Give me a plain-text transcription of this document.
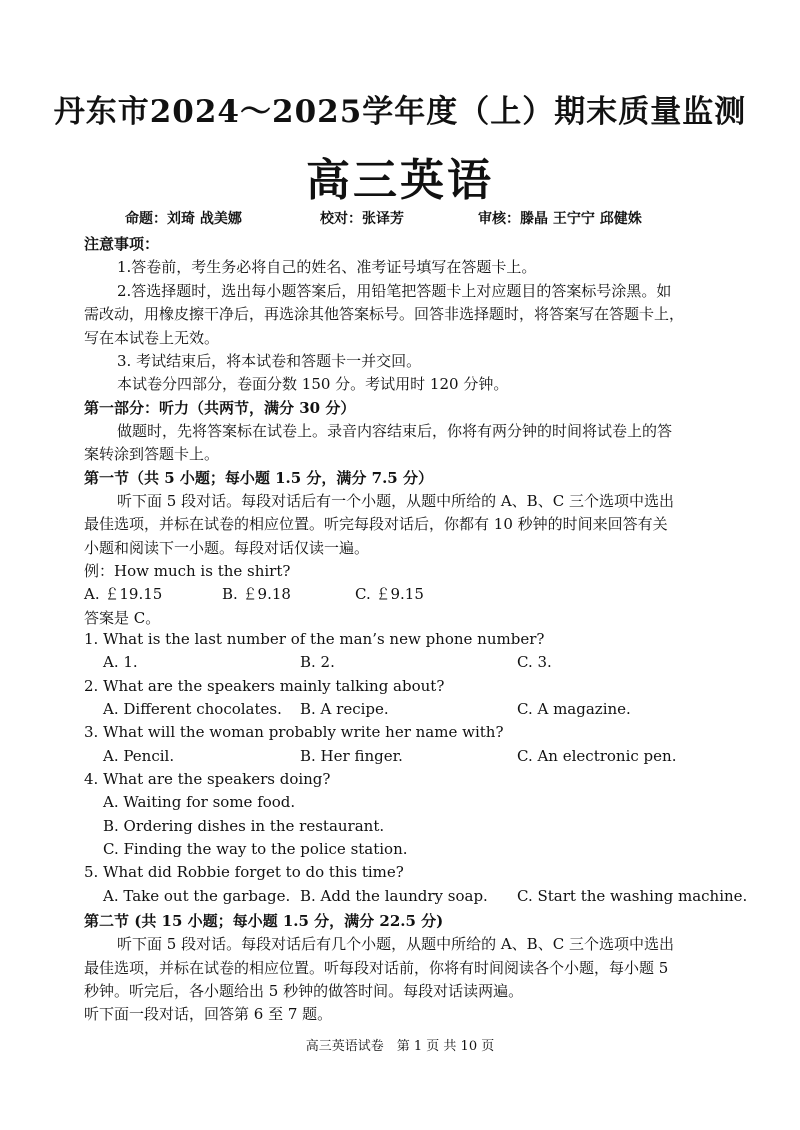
丹东市2024～2025学年度（上）期末质量监测
高三英语
命题：刘琦 战美娜	校对：张译芳	审核：滕晶 王宁宁 邱健姝
注意事项：
1.答卷前，考生务必将自己的姓名、准考证号填写在答题卡上。
2.答选择题时，选出每小题答案后，用铅笔把答题卡上对应题目的答案标号涂黑。如
需改动，用橡皮擦干净后，再选涂其他答案标号。回答非选择题时，将答案写在答题卡上，
写在本试卷上无效。
3. 考试结束后，将本试卷和答题卡一并交回。
本试卷分四部分，卷面分数 150 分。考试用时 120 分钟。
第一部分：听力（共两节，满分 30 分）
做题时，先将答案标在试卷上。录音内容结束后，你将有两分钟的时间将试卷上的答
案转涂到答题卡上。
第一节（共 5 小题；每小题 1.5 分，满分 7.5 分）
听下面 5 段对话。每段对话后有一个小题，从题中所给的 A、B、C 三个选项中选出
最佳选项，并标在试卷的相应位置。听完每段对话后，你都有 10 秒钟的时间来回答有关
小题和阅读下一小题。每段对话仅读一遍。
例：How much is the shirt?
A. ￡19.15	B. ￡9.18	C. ￡9.15
答案是 C。
1. What is the last number of the man’s new phone number?
A. 1.	B. 2.	C. 3.
2. What are the speakers mainly talking about?
A. Different chocolates. B. A recipe.	C. A magazine.
3. What will the woman probably write her name with?
A. Pencil.	B. Her finger.	C. An electronic pen.
4. What are the speakers doing?
A. Waiting for some food.
B. Ordering dishes in the restaurant.
C. Finding the way to the police station.
5. What did Robbie forget to do this time?
A. Take out the garbage. B. Add the laundry soap. C. Start the washing machine.
第二节 (共 15 小题；每小题 1.5 分，满分 22.5 分)
听下面 5 段对话。每段对话后有几个小题，从题中所给的 A、B、C 三个选项中选出
最佳选项，并标在试卷的相应位置。听每段对话前，你将有时间阅读各个小题，每小题 5
秒钟。听完后，各小题给出 5 秒钟的做答时间。每段对话读两遍。
听下面一段对话，回答第 6 至 7 题。
高三英语试卷　第 1 页 共 10 页
